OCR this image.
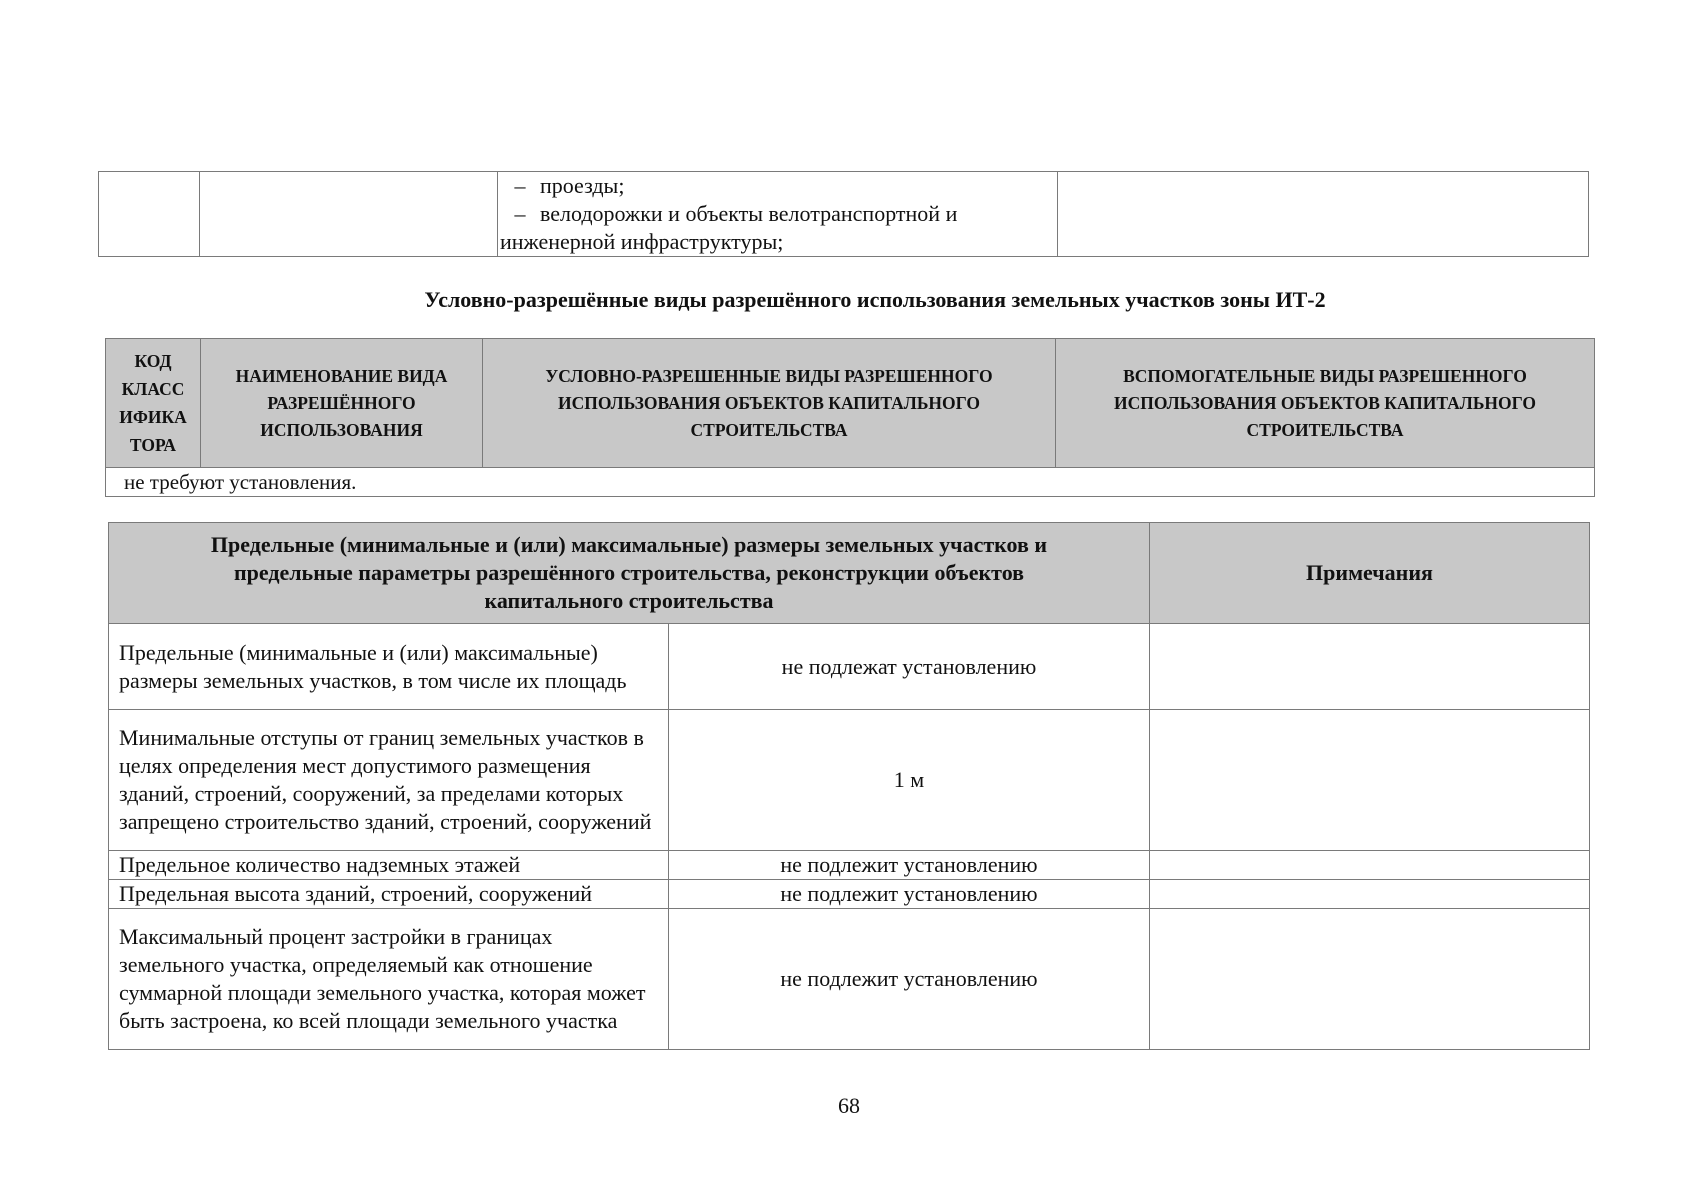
– проезды;
– велодорожки и объекты велотранспортной и
инженерной инфраструктуры;

Условно-разрешённые виды разрешённого использования земельных участков зоны ИТ-2
КОД
КЛАСС
ИФИКА
ТОРА	НАИМЕНОВАНИЕ ВИДА РАЗРЕШЁННОГО ИСПОЛЬЗОВАНИЯ	УСЛОВНО-РАЗРЕШЕННЫЕ ВИДЫ РАЗРЕШЕННОГО ИСПОЛЬЗОВАНИЯ ОБЪЕКТОВ КАПИТАЛЬНОГО СТРОИТЕЛЬСТВА	ВСПОМОГАТЕЛЬНЫЕ ВИДЫ РАЗРЕШЕННОГО ИСПОЛЬЗОВАНИЯ ОБЪЕКТОВ КАПИТАЛЬНОГО СТРОИТЕЛЬСТВА
не требуют установления.
Предельные (минимальные и (или) максимальные) размеры земельных участков и предельные параметры разрешённого строительства, реконструкции объектов капитального строительства		Примечания
Предельные (минимальные и (или) максимальные) размеры земельных участков, в том числе их площадь	не подлежат установлению	
Минимальные отступы от границ земельных участков в целях определения мест допустимого размещения зданий, строений, сооружений, за пределами которых запрещено строительство зданий, строений, сооружений	1 м	
Предельное количество надземных этажей	не подлежит установлению	
Предельная высота зданий, строений, сооружений	не подлежит установлению	
Максимальный процент застройки в границах земельного участка, определяемый как отношение суммарной площади земельного участка, которая может быть застроена, ко всей площади земельного участка	не подлежит установлению	
68
